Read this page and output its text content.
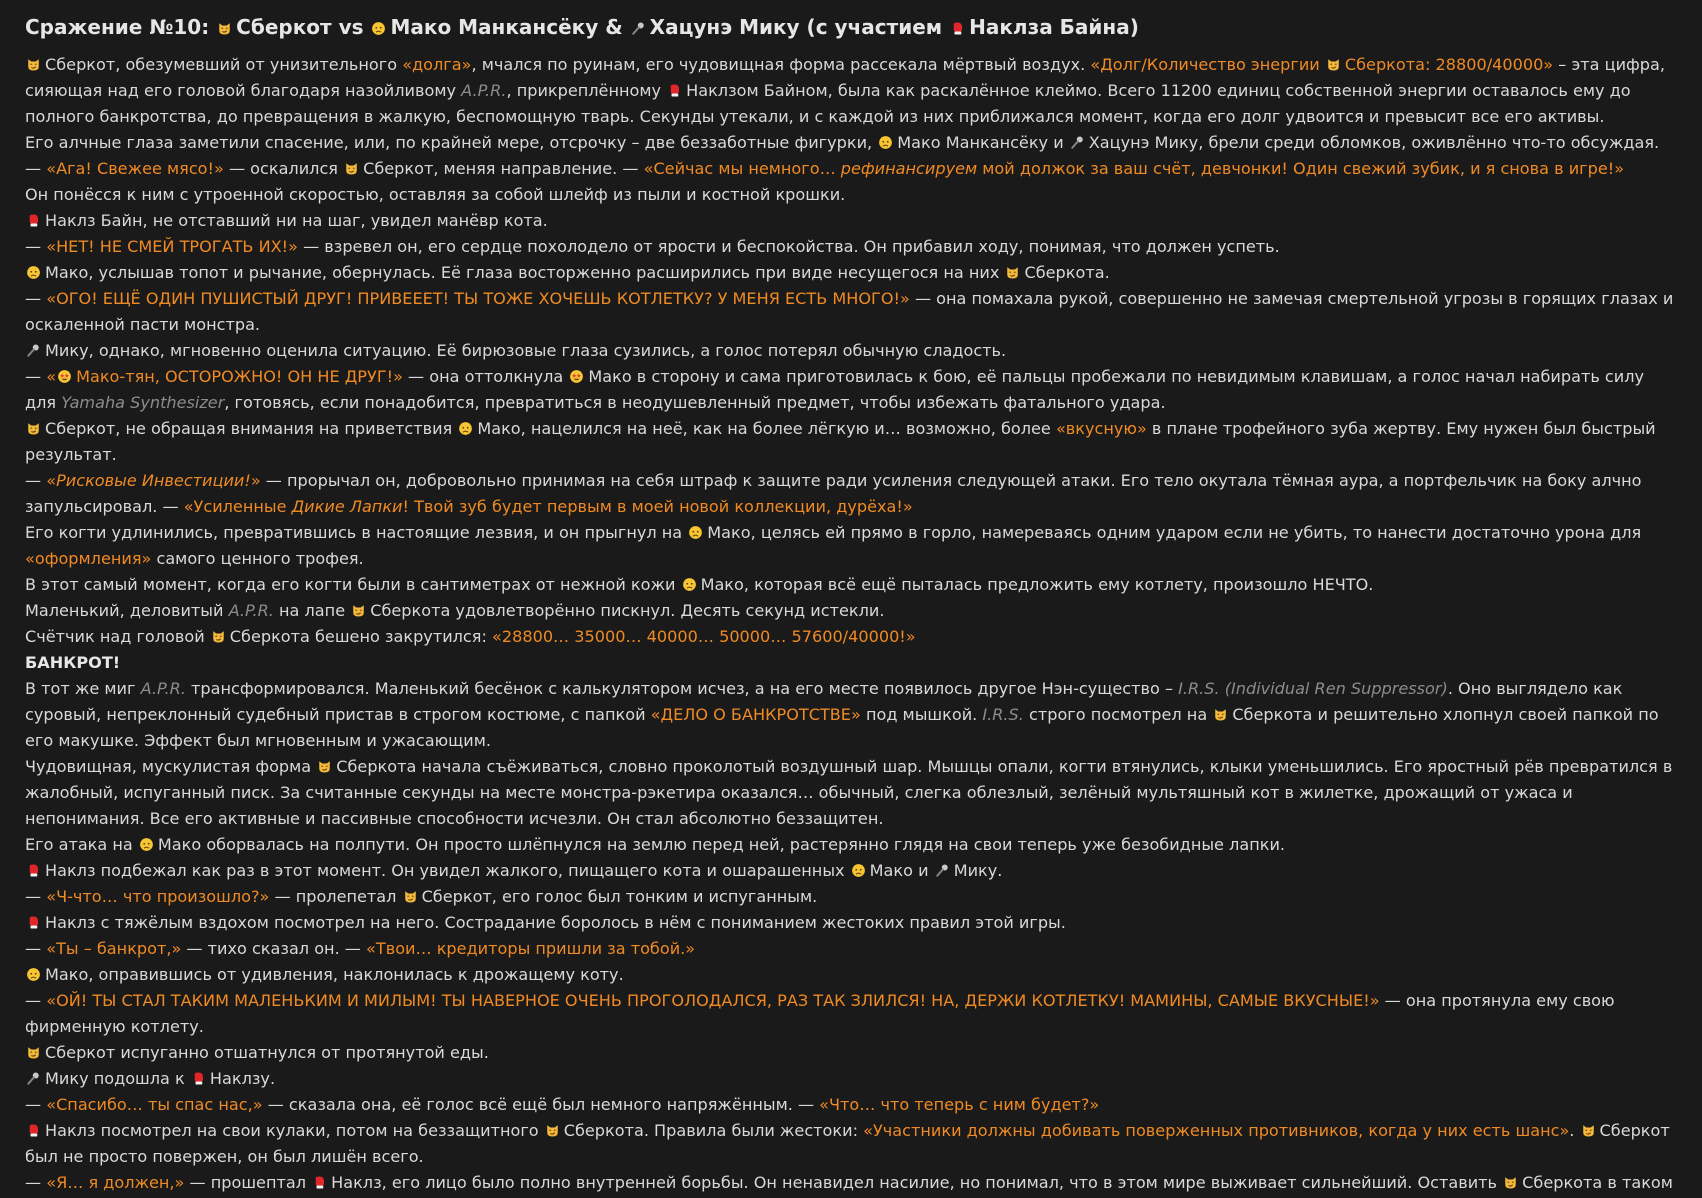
Сражение №10: Сберкот vs Мако Манкансёку & Хацунэ Мику (с участием Наклза Байна)

Сберкот, обезумевший от унизительного «долга», мчался по руинам, его чудовищная форма рассекала мёртвый воздух. «Долг/Количество энергии Сберкота: 28800/40000» – эта цифра, сияющая над его головой благодаря назойливому A.P.R., прикреплённому Наклзом Байном, была как раскалённое клеймо. Всего 11200 единиц собственной энергии оставалось ему до полного банкротства, до превращения в жалкую, беспомощную тварь. Секунды утекали, и с каждой из них приближался момент, когда его долг удвоится и превысит все его активы.

Его алчные глаза заметили спасение, или, по крайней мере, отсрочку – две беззаботные фигурки, Мако Манкансёку и Хацунэ Мику, брели среди обломков, оживлённо что-то обсуждая.

— «Ага! Свежее мясо!» — оскалился Сберкот, меняя направление. — «Сейчас мы немного… рефинансируем мой должок за ваш счёт, девчонки! Один свежий зубик, и я снова в игре!»

Он понёсся к ним с утроенной скоростью, оставляя за собой шлейф из пыли и костной крошки.

Наклз Байн, не отставший ни на шаг, увидел манёвр кота.

— «НЕТ! НЕ СМЕЙ ТРОГАТЬ ИХ!» — взревел он, его сердце похолодело от ярости и беспокойства. Он прибавил ходу, понимая, что должен успеть.

Мако, услышав топот и рычание, обернулась. Её глаза восторженно расширились при виде несущегося на них Сберкота.

— «ОГО! ЕЩЁ ОДИН ПУШИСТЫЙ ДРУГ! ПРИВЕЕЕТ! ТЫ ТОЖЕ ХОЧЕШЬ КОТЛЕТКУ? У МЕНЯ ЕСТЬ МНОГО!» — она помахала рукой, совершенно не замечая смертельной угрозы в горящих глазах и оскаленной пасти монстра.

Мику, однако, мгновенно оценила ситуацию. Её бирюзовые глаза сузились, а голос потерял обычную сладость.

— « Мако-тян, ОСТОРОЖНО! ОН НЕ ДРУГ!» — она оттолкнула Мако в сторону и сама приготовилась к бою, её пальцы пробежали по невидимым клавишам, а голос начал набирать силу для Yamaha Synthesizer, готовясь, если понадобится, превратиться в неодушевленный предмет, чтобы избежать фатального удара.

Сберкот, не обращая внимания на приветствия Мако, нацелился на неё, как на более лёгкую и… возможно, более «вкусную» в плане трофейного зуба жертву. Ему нужен был быстрый результат.

— «Рисковые Инвестиции!» — прорычал он, добровольно принимая на себя штраф к защите ради усиления следующей атаки. Его тело окутала тёмная аура, а портфельчик на боку алчно запульсировал. — «Усиленные Дикие Лапки! Твой зуб будет первым в моей новой коллекции, дурёха!»

Его когти удлинились, превратившись в настоящие лезвия, и он прыгнул на Мако, целясь ей прямо в горло, намереваясь одним ударом если не убить, то нанести достаточно урона для «оформления» самого ценного трофея.

В этот самый момент, когда его когти были в сантиметрах от нежной кожи Мако, которая всё ещё пыталась предложить ему котлету, произошло НЕЧТО.

Маленький, деловитый A.P.R. на лапе Сберкота удовлетворённо пискнул. Десять секунд истекли.

Счётчик над головой Сберкота бешено закрутился: «28800… 35000… 40000… 50000… 57600/40000!»

БАНКРОТ!

В тот же миг A.P.R. трансформировался. Маленький бесёнок с калькулятором исчез, а на его месте появилось другое Нэн-существо – I.R.S. (Individual Ren Suppressor). Оно выглядело как суровый, непреклонный судебный пристав в строгом костюме, с папкой «ДЕЛО О БАНКРОТСТВЕ» под мышкой. I.R.S. строго посмотрел на Сберкота и решительно хлопнул своей папкой по его макушке. Эффект был мгновенным и ужасающим.

Чудовищная, мускулистая форма Сберкота начала съёживаться, словно проколотый воздушный шар. Мышцы опали, когти втянулись, клыки уменьшились. Его яростный рёв превратился в жалобный, испуганный писк. За считанные секунды на месте монстра-рэкетира оказался… обычный, слегка облезлый, зелёный мультяшный кот в жилетке, дрожащий от ужаса и непонимания. Все его активные и пассивные способности исчезли. Он стал абсолютно беззащитен.

Его атака на Мако оборвалась на полпути. Он просто шлёпнулся на землю перед ней, растерянно глядя на свои теперь уже безобидные лапки.

Наклз подбежал как раз в этот момент. Он увидел жалкого, пищащего кота и ошарашенных Мако и Мику.

— «Ч-что… что произошло?» — пролепетал Сберкот, его голос был тонким и испуганным.

Наклз с тяжёлым вздохом посмотрел на него. Сострадание боролось в нём с пониманием жестоких правил этой игры.

— «Ты – банкрот,» — тихо сказал он. — «Твои… кредиторы пришли за тобой.»

Мако, оправившись от удивления, наклонилась к дрожащему коту.

— «ОЙ! ТЫ СТАЛ ТАКИМ МАЛЕНЬКИМ И МИЛЫМ! ТЫ НАВЕРНОЕ ОЧЕНЬ ПРОГОЛОДАЛСЯ, РАЗ ТАК ЗЛИЛСЯ! НА, ДЕРЖИ КОТЛЕТКУ! МАМИНЫ, САМЫЕ ВКУСНЫЕ!» — она протянула ему свою фирменную котлету.

Сберкот испуганно отшатнулся от протянутой еды.

Мику подошла к Наклзу.

— «Спасибо… ты спас нас,» — сказала она, её голос всё ещё был немного напряжённым. — «Что… что теперь с ним будет?»

Наклз посмотрел на свои кулаки, потом на беззащитного Сберкота. Правила были жестоки: «Участники должны добивать поверженных противников, когда у них есть шанс». Сберкот был не просто повержен, он был лишён всего.

— «Я… я должен,» — прошептал Наклз, его лицо было полно внутренней борьбы. Он ненавидел насилие, но понимал, что в этом мире выживает сильнейший. Оставить Сберкота в таком
